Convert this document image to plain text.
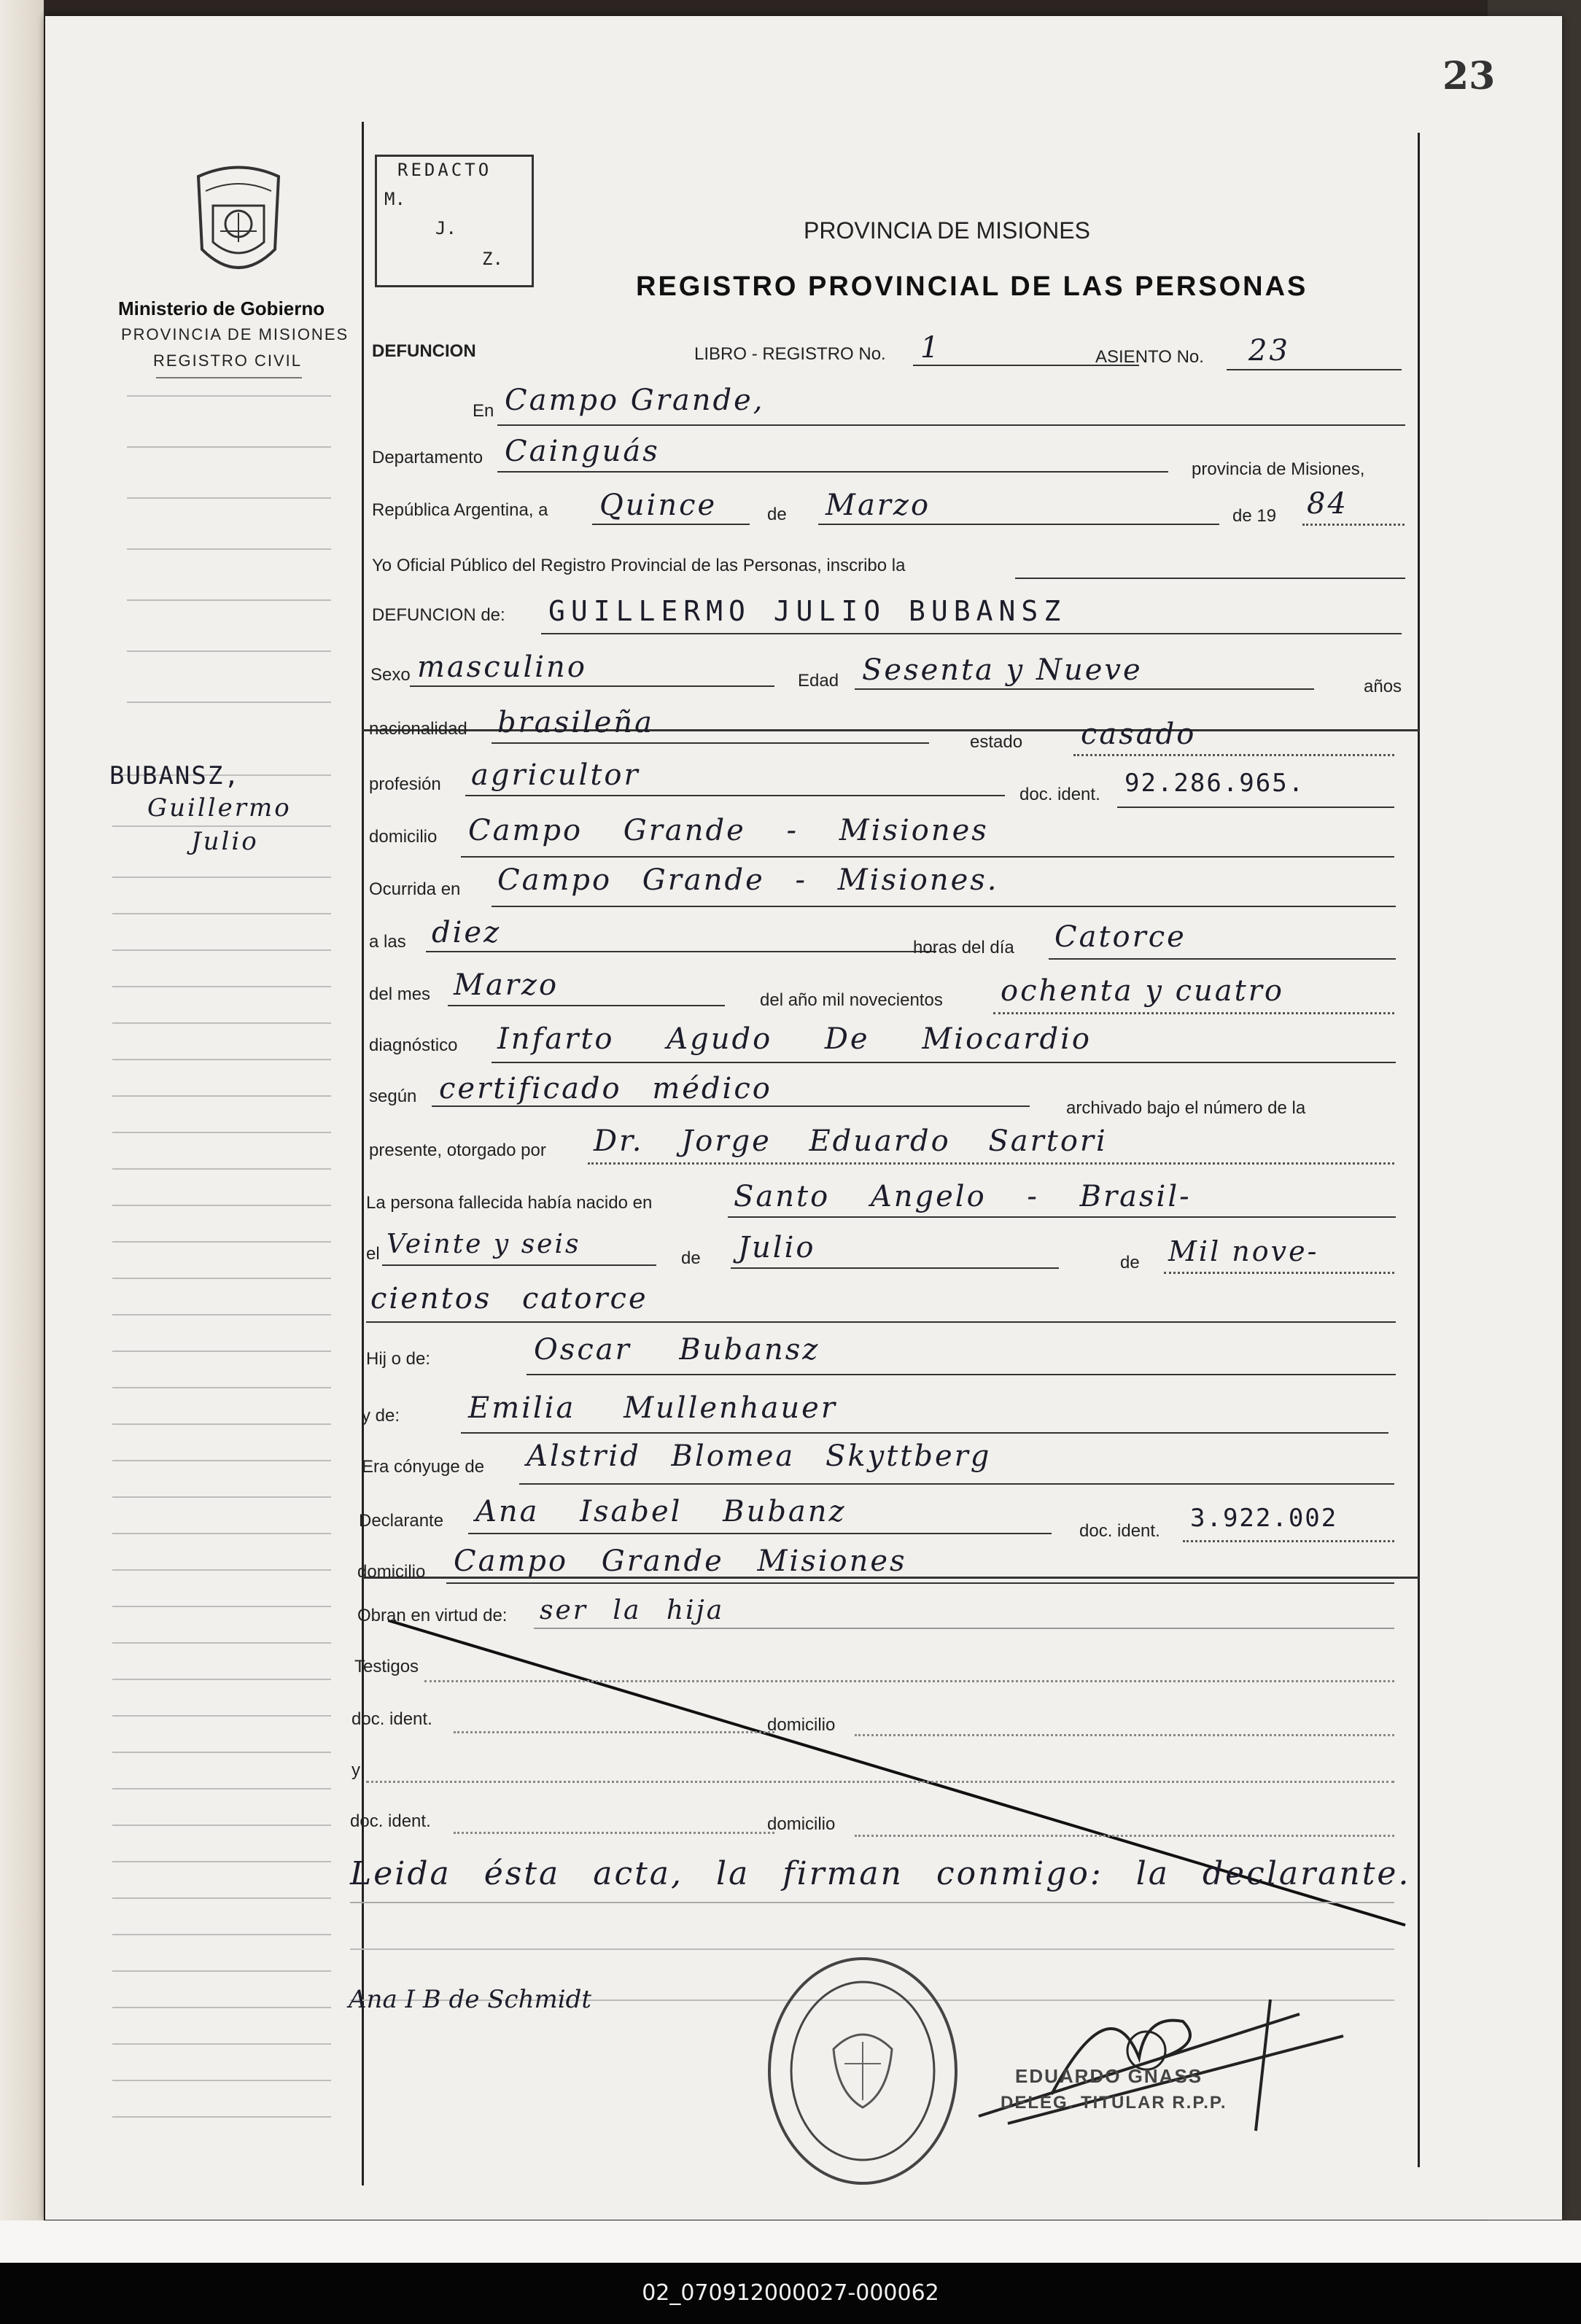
23
Ministerio de Gobierno
PROVINCIA DE MISIONES
REGISTRO CIVIL
REDACTO
M.
J.
Z.
PROVINCIA DE MISIONES
REGISTRO PROVINCIAL DE LAS PERSONAS
BUBANSZ,
Guillermo
Julio
DEFUNCION	LIBRO - REGISTRO No. 1	ASIENTO No. 23
En Campo Grande,
Departamento Cainguás
provincia de Misiones,
República Argentina, a Quince	de Marzo	de 19 84
Yo Oficial Público del Registro Provincial de las Personas, inscribo la
DEFUNCION de: GUILLERMO JULIO BUBANSZ
Sexo masculino	Edad Sesenta y Nueve	años
nacionalidad brasileña
estado casado
profesión agricultor
doc. ident. 92.286.965.
domicilio Campo Grande - Misiones
Ocurrida en Campo Grande - Misiones.
a las diez	horas del día Catorce
del mes Marzo	del año mil novecientos ochenta y cuatro
diagnóstico Infarto Agudo De Miocardio
según certificado médico
archivado bajo el número de la
presente, otorgado por Dr. Jorge Eduardo Sartori
La persona fallecida había nacido en	Santo Angelo - Brasil-
el Veinte y seis	de Julio	de Mil nove-
cientos catorce
Hij o de:	Oscar Bubansz
y de: Emilia Mullenhauer
Era cónyuge de Alstrid Blomea Skyttberg
Declarante Ana Isabel Bubanz
doc. ident. 3.922.002
domicilio Campo Grande Misiones
Obran en virtud de: ser la hija
Testigos
doc. ident.	domicilio
y
doc. ident.	domicilio
Leida ésta acta, la firman conmigo: la declarante.
Ana I B de Schmidt
EDUARDO GNASS
DELEG. TITULAR R.P.P.
02_070912000027-000062
